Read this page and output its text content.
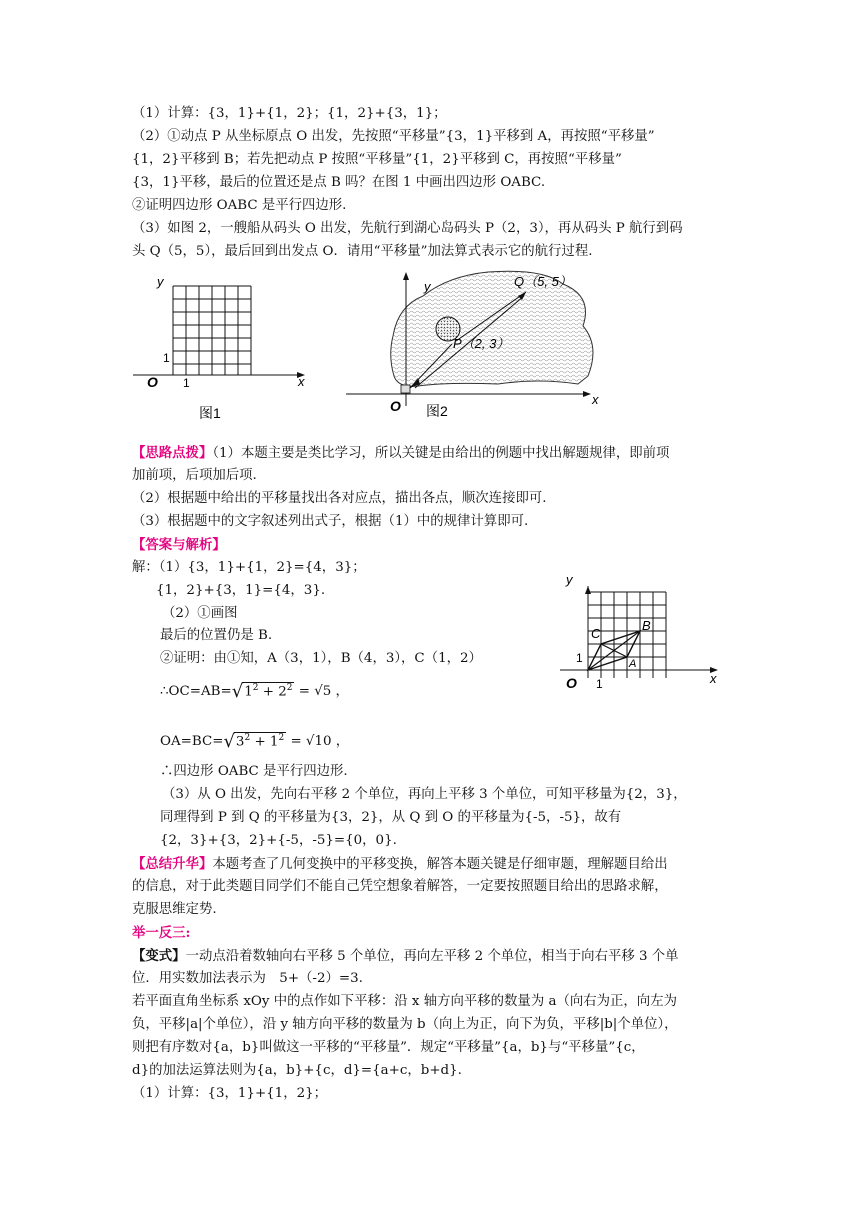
（1）计算：{3，1}+{1，2}；{1，2}+{3，1}；
（2）①动点 P 从坐标原点 O 出发，先按照“平移量”{3，1}平移到 A，再按照“平移量”
{1，2}平移到 B；若先把动点 P 按照“平移量”{1，2}平移到 C，再按照“平移量”
{3，1}平移，最后的位置还是点 B 吗？在图 1 中画出四边形 OABC.
②证明四边形 OABC 是平行四边形.
（3）如图 2，一艘船从码头 O 出发，先航行到湖心岛码头 P（2，3），再从码头 P 航行到码
头 Q（5，5），最后回到出发点 O．请用“平移量”加法算式表示它的航行过程.
x
y
O 1
1
图1
y
x
O
P（2, 3）
Q（5, 5）
图2
【思路点拨】（1）本题主要是类比学习，所以关键是由给出的例题中找出解题规律，即前项
加前项，后项加后项.
（2）根据题中给出的平移量找出各对应点，描出各点，顺次连接即可.
（3）根据题中的文字叙述列出式子，根据（1）中的规律计算即可.
【答案与解析】
解：（1）{3，1}+{1，2}={4，3}；
{1，2}+{3，1}={4，3}.
（2）①画图
最后的位置仍是 B.
②证明：由①知，A（3，1），B（4，3），C（1，2）
$\therefore OC=AB=√1^2 + 2^2 = √5$ ，
$OA=BC=√3^2 + 1^2 = √10$ ，
y
x
O 1
1	A
B
C
∴四边形 OABC 是平行四边形.
（3）从 O 出发，先向右平移 2 个单位，再向上平移 3 个单位，可知平移量为{2，3}，
同理得到 P 到 Q 的平移量为{3，2}，从 Q 到 O 的平移量为{-5，-5}，故有
{2，3}+{3，2}+{-5，-5}={0，0}.
【总结升华】本题考查了几何变换中的平移变换，解答本题关键是仔细审题，理解题目给出
的信息，对于此类题目同学们不能自己凭空想象着解答，一定要按照题目给出的思路求解，
克服思维定势.
举一反三:
【变式】一动点沿着数轴向右平移 5 个单位，再向左平移 2 个单位，相当于向右平移 3 个单
位．用实数加法表示为　5+（-2）=3.
若平面直角坐标系 xOy 中的点作如下平移：沿 x 轴方向平移的数量为 a（向右为正，向左为
负，平移|a|个单位），沿 y 轴方向平移的数量为 b（向上为正，向下为负，平移|b|个单位），
则把有序数对{a，b}叫做这一平移的“平移量”．规定“平移量”{a，b}与“平移量”{c，
d}的加法运算法则为{a，b}+{c，d}={a+c，b+d}.
（1）计算：{3，1}+{1，2}；
